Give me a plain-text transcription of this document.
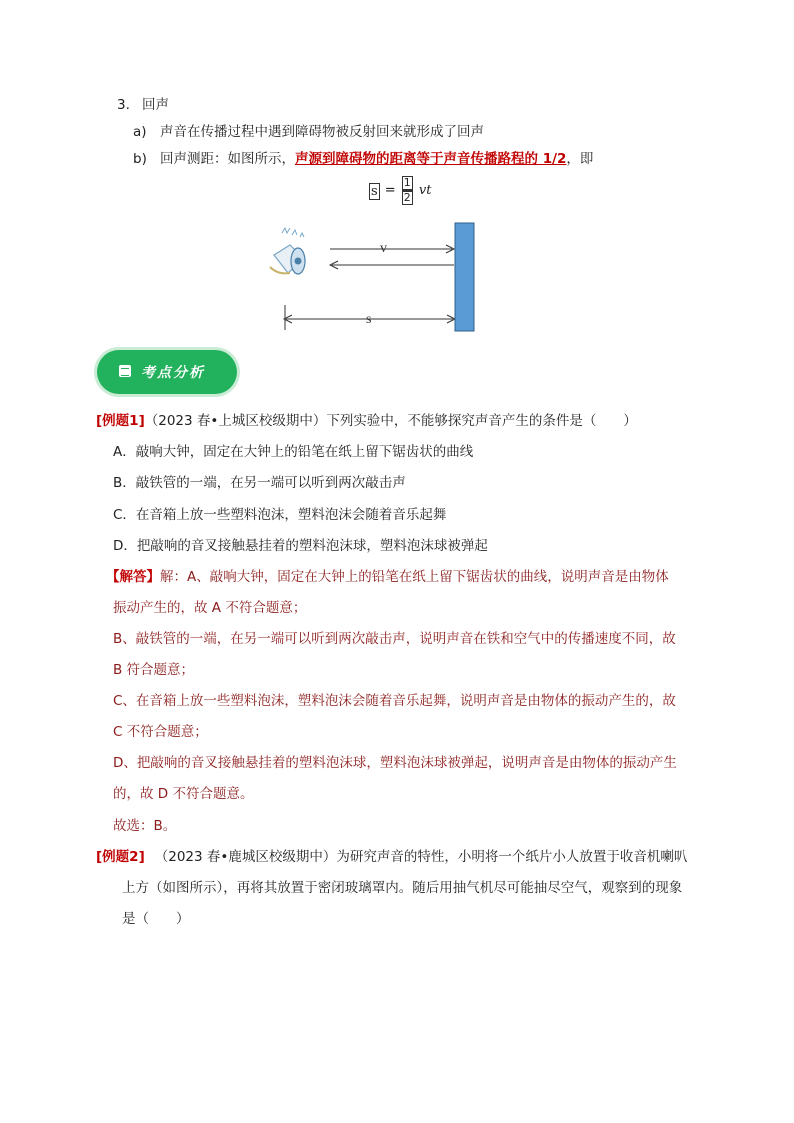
3. 回声
a) 声音在传播过程中遇到障碍物被反射回来就形成了回声
b) 回声测距：如图所示，声源到障碍物的距离等于声音传播路程的 1/2，即
$s = \frac{1}{2}$ vt
v
s
考点分析
[例题1]（2023 春•上城区校级期中）下列实验中，不能够探究声音产生的条件是（　　）
A．敲响大钟，固定在大钟上的铅笔在纸上留下锯齿状的曲线
B．敲铁管的一端，在另一端可以听到两次敲击声
C．在音箱上放一些塑料泡沫，塑料泡沫会随着音乐起舞
D．把敲响的音叉接触悬挂着的塑料泡沫球，塑料泡沫球被弹起
【解答】解：A、敲响大钟，固定在大钟上的铅笔在纸上留下锯齿状的曲线，说明声音是由物体
振动产生的，故 A 不符合题意；
B、敲铁管的一端，在另一端可以听到两次敲击声，说明声音在铁和空气中的传播速度不同，故
B 符合题意；
C、在音箱上放一些塑料泡沫，塑料泡沫会随着音乐起舞，说明声音是由物体的振动产生的，故
C 不符合题意；
D、把敲响的音叉接触悬挂着的塑料泡沫球，塑料泡沫球被弹起，说明声音是由物体的振动产生
的，故 D 不符合题意。
故选：B。
[例题2] （2023 春•鹿城区校级期中）为研究声音的特性，小明将一个纸片小人放置于收音机喇叭
上方（如图所示），再将其放置于密闭玻璃罩内。随后用抽气机尽可能抽尽空气，观察到的现象
是（　　）
